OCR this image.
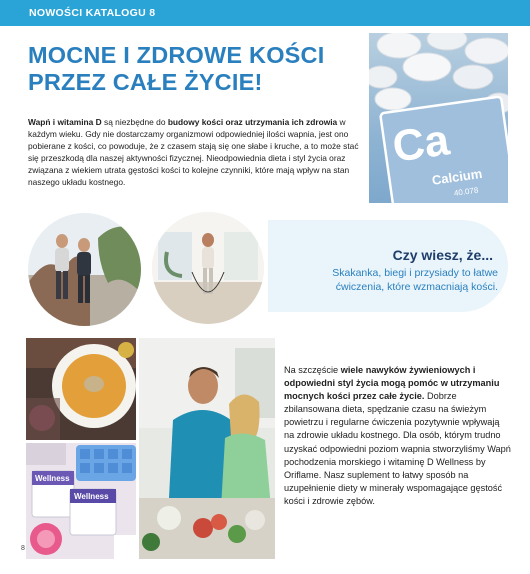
NOWOŚCI KATALOGU 8
MOCNE I ZDROWE KOŚCI
PRZEZ CAŁE ŻYCIE!

Wapń i witamina D są niezbędne do budowy kości oraz utrzymania ich zdrowia w każdym wieku. Gdy nie dostarczamy organizmowi odpowiedniej ilości wapnia, jest ono pobierane z kości, co powoduje, że z czasem stają się one słabe i kruche, a to może stać się przeszkodą dla naszej aktywności fizycznej. Nieodpowiednia dieta i styl życia oraz związana z wiekiem utrata gęstości kości to kolejne czynniki, które mają wpływ na stan naszego układu kostnego.

Ca
Calcium
40.078
Czy wiesz, że...
Skakanka, biegi i przysiady to łatwe ćwiczenia, które wzmacniają kości.
Wellness
Wellness

Na szczęście wiele nawyków żywieniowych i odpowiedni styl życia mogą pomóc w utrzymaniu mocnych kości przez całe życie. Dobrze zbilansowana dieta, spędzanie czasu na świeżym powietrzu i regularne ćwiczenia pozytywnie wpływają na zdrowie układu kostnego. Dla osób, którym trudno uzyskać odpowiedni poziom wapnia stworzyliśmy Wapń pochodzenia morskiego i witaminę D Wellness by Oriflame. Nasz suplement to łatwy sposób na uzupełnienie diety w minerały wspomagające gęstość kości i zdrowie zębów.

8
